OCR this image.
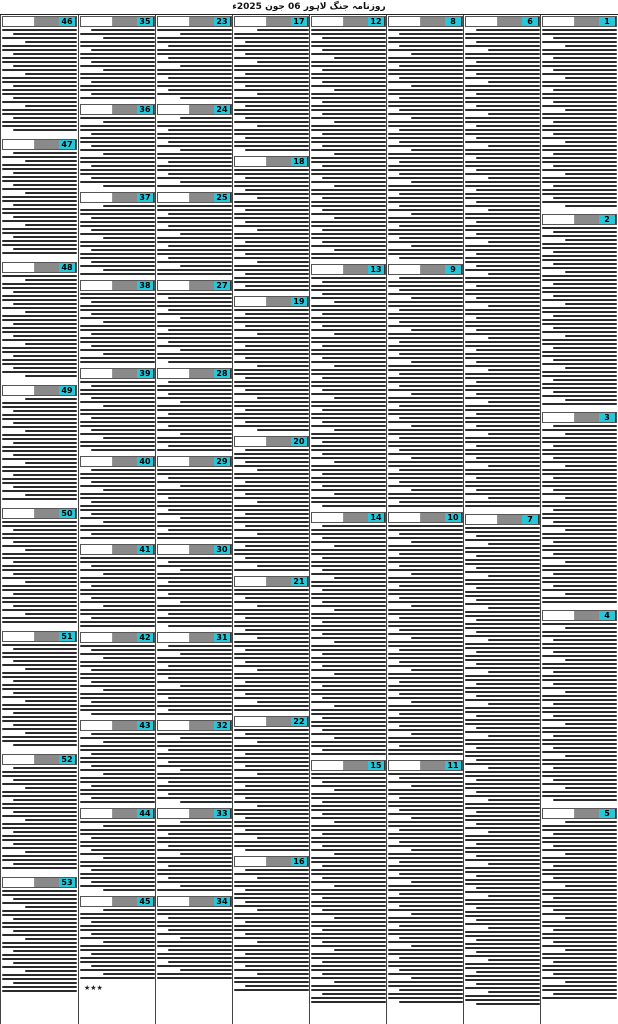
روزنامہ جنگ لاہور 06 جون 2025ء
46
47
48
49
50
51
52
53
35
36
37
38
39
40
41
42
43
44
45
★★★
23
24
25
27
28
29
30
31
32
33
34
17
18
19
20
21
22
16
12
13
14
15
8
9
10
11
6
7
1
2
3
4
5
